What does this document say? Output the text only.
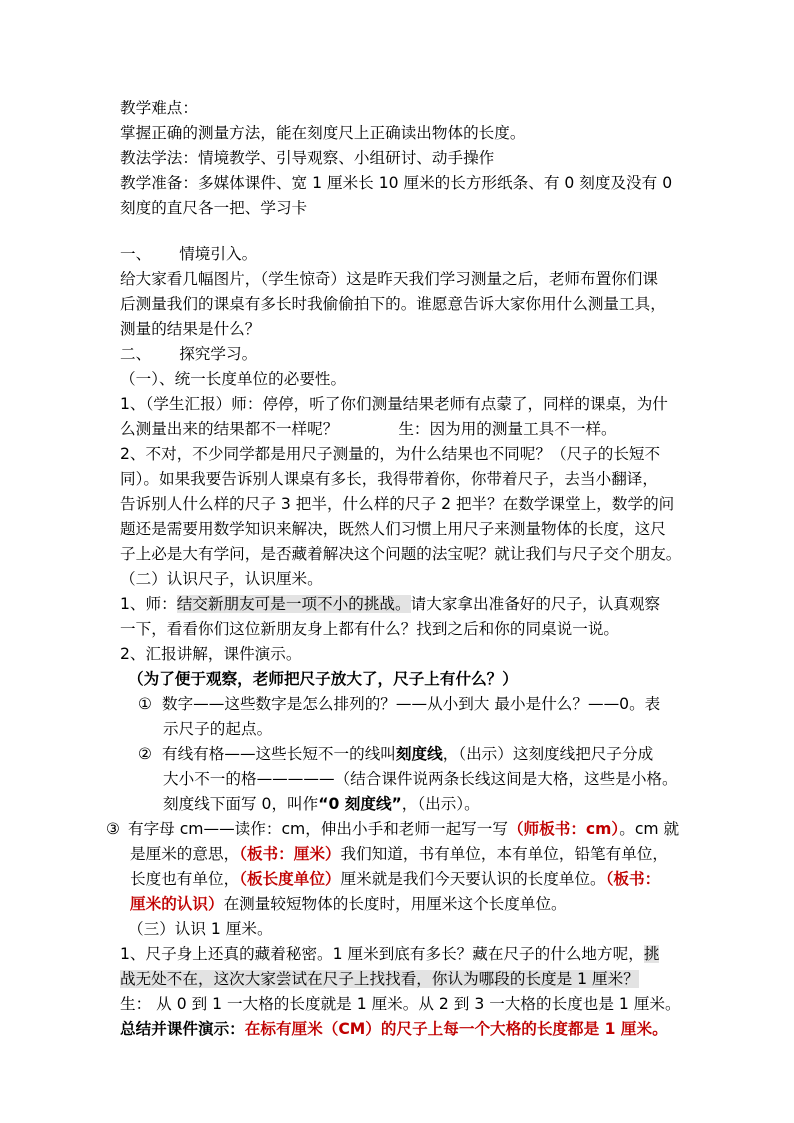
教学难点：

掌握正确的测量方法，能在刻度尺上正确读出物体的长度。

教法学法：情境教学、引导观察、小组研讨、动手操作

教学准备：多媒体课件、宽 1 厘米长 10 厘米的长方形纸条、有 0 刻度及没有 0

刻度的直尺各一把、学习卡

一、 情境引入。

给大家看几幅图片，（学生惊奇）这是昨天我们学习测量之后，老师布置你们课

后测量我们的课桌有多长时我偷偷拍下的。谁愿意告诉大家你用什么测量工具，

测量的结果是什么？

二、 探究学习。

（一）、统一长度单位的必要性。

1、（学生汇报）师：停停，听了你们测量结果老师有点蒙了，同样的课桌，为什

么测量出来的结果都不一样呢？	生：因为用的测量工具不一样。

2、不对，不少同学都是用尺子测量的，为什么结果也不同呢？（尺子的长短不

同）。如果我要告诉别人课桌有多长，我得带着你，你带着尺子，去当小翻译，

告诉别人什么样的尺子 3 把半，什么样的尺子 2 把半？在数学课堂上，数学的问

题还是需要用数学知识来解决，既然人们习惯上用尺子来测量物体的长度，这尺

子上必是大有学问，是否藏着解决这个问题的法宝呢？就让我们与尺子交个朋友。

（二）认识尺子，认识厘米。

1、师：结交新朋友可是一项不小的挑战。请大家拿出准备好的尺子，认真观察

一下，看看你们这位新朋友身上都有什么？找到之后和你的同桌说一说。

2、汇报讲解，课件演示。

（为了便于观察，老师把尺子放大了，尺子上有什么？）

① 数字——这些数字是怎么排列的？——从小到大 最小是什么？——0。表

示尺子的起点。

② 有线有格——这些长短不一的线叫刻度线，（出示）这刻度线把尺子分成

大小不一的格—————（结合课件说两条长线这间是大格，这些是小格。

刻度线下面写 0，叫作“0 刻度线”，（出示）。

③ 有字母 cm——读作：cm，伸出小手和老师一起写一写（师板书：cm）。cm 就

是厘米的意思，（板书：厘米）我们知道，书有单位，本有单位，铅笔有单位，

长度也有单位，（板长度单位）厘米就是我们今天要认识的长度单位。（板书：

厘米的认识）在测量较短物体的长度时，用厘米这个长度单位。

（三）认识 1 厘米。

1、尺子身上还真的藏着秘密。1 厘米到底有多长？藏在尺子的什么地方呢，挑

战无处不在，这次大家尝试在尺子上找找看，你认为哪段的长度是 1 厘米？

生： 从 0 到 1 一大格的长度就是 1 厘米。从 2 到 3 一大格的长度也是 1 厘米。

总结并课件演示：在标有厘米（CM）的尺子上每一个大格的长度都是 1 厘米。
